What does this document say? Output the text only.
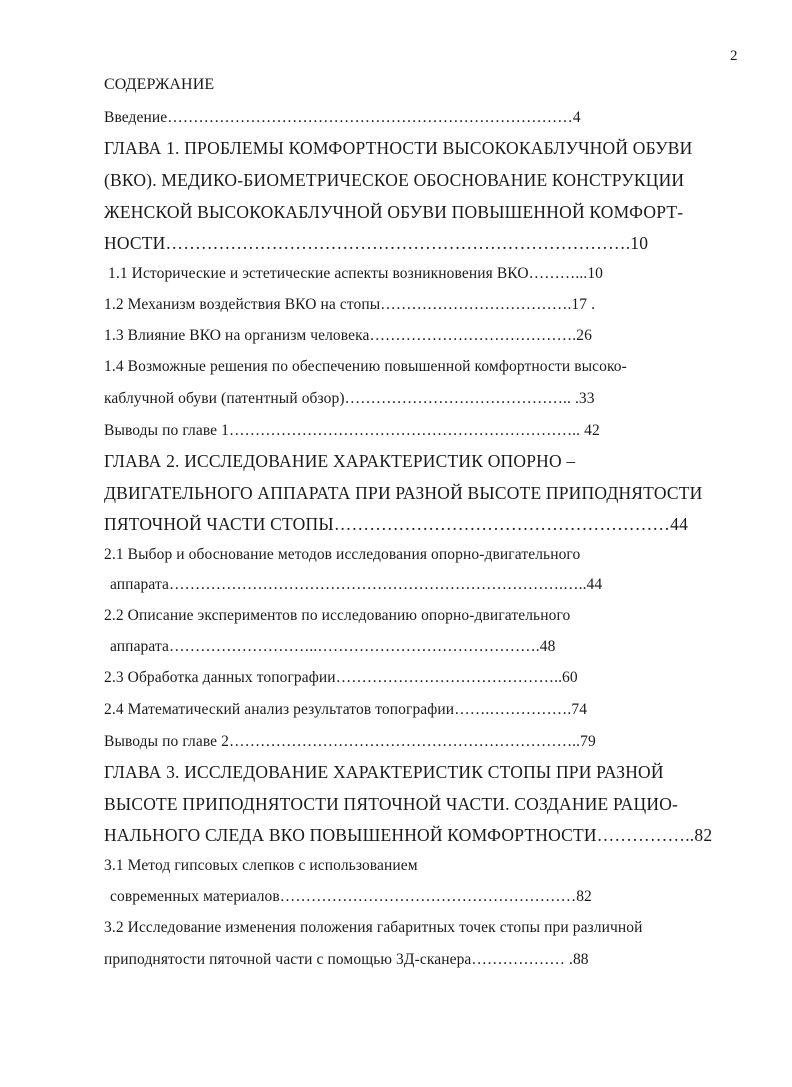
2
СОДЕРЖАНИЕ
Введение……………………………………………………………………4
ГЛАВА 1. ПРОБЛЕМЫ КОМФОРТНОСТИ ВЫСОКОКАБЛУЧНОЙ ОБУВИ
(ВКО). МЕДИКО-БИОМЕТРИЧЕСКОЕ ОБОСНОВАНИЕ КОНСТРУКЦИИ
ЖЕНСКОЙ ВЫСОКОКАБЛУЧНОЙ ОБУВИ ПОВЫШЕННОЙ КОМФОРТ-
НОСТИ…………………………………………………………………….10
1.1 Исторические и эстетические аспекты возникновения ВКО………...10
1.2 Механизм воздействия ВКО на стопы……………………………….17 .
1.3 Влияние ВКО на организм человека………………………………….26
1.4 Возможные решения по обеспечению повышенной комфортности высоко-
каблучной обуви (патентный обзор)…………………………………….. .33
Выводы по главе 1………………………………………………………….. 42
ГЛАВА 2. ИССЛЕДОВАНИЕ ХАРАКТЕРИСТИК ОПОРНО –
ДВИГАТЕЛЬНОГО АППАРАТА ПРИ РАЗНОЙ ВЫСОТЕ ПРИПОДНЯТОСТИ
ПЯТОЧНОЙ ЧАСТИ СТОПЫ…………………………………………………44
2.1 Выбор и обоснование методов исследования опорно-двигательного
аппарата………………………………………………………………….…..44
2.2 Описание экспериментов по исследованию опорно-двигательного
аппарата………………………..…………………………………….48
2.3 Обработка данных топографии……………………………………..60
2.4 Математический анализ результатов топографии…….…………….74
Выводы по главе 2…………………………………………………………..79
ГЛАВА 3. ИССЛЕДОВАНИЕ ХАРАКТЕРИСТИК СТОПЫ ПРИ РАЗНОЙ
ВЫСОТЕ ПРИПОДНЯТОСТИ ПЯТОЧНОЙ ЧАСТИ. СОЗДАНИЕ РАЦИО-
НАЛЬНОГО СЛЕДА ВКО ПОВЫШЕННОЙ КОМФОРТНОСТИ……………..82
3.1 Метод гипсовых слепков с использованием
современных материалов…………………………………………………82
3.2 Исследование изменения положения габаритных точек стопы при различной
приподнятости пяточной части с помощью 3Д-сканера……………… .88
